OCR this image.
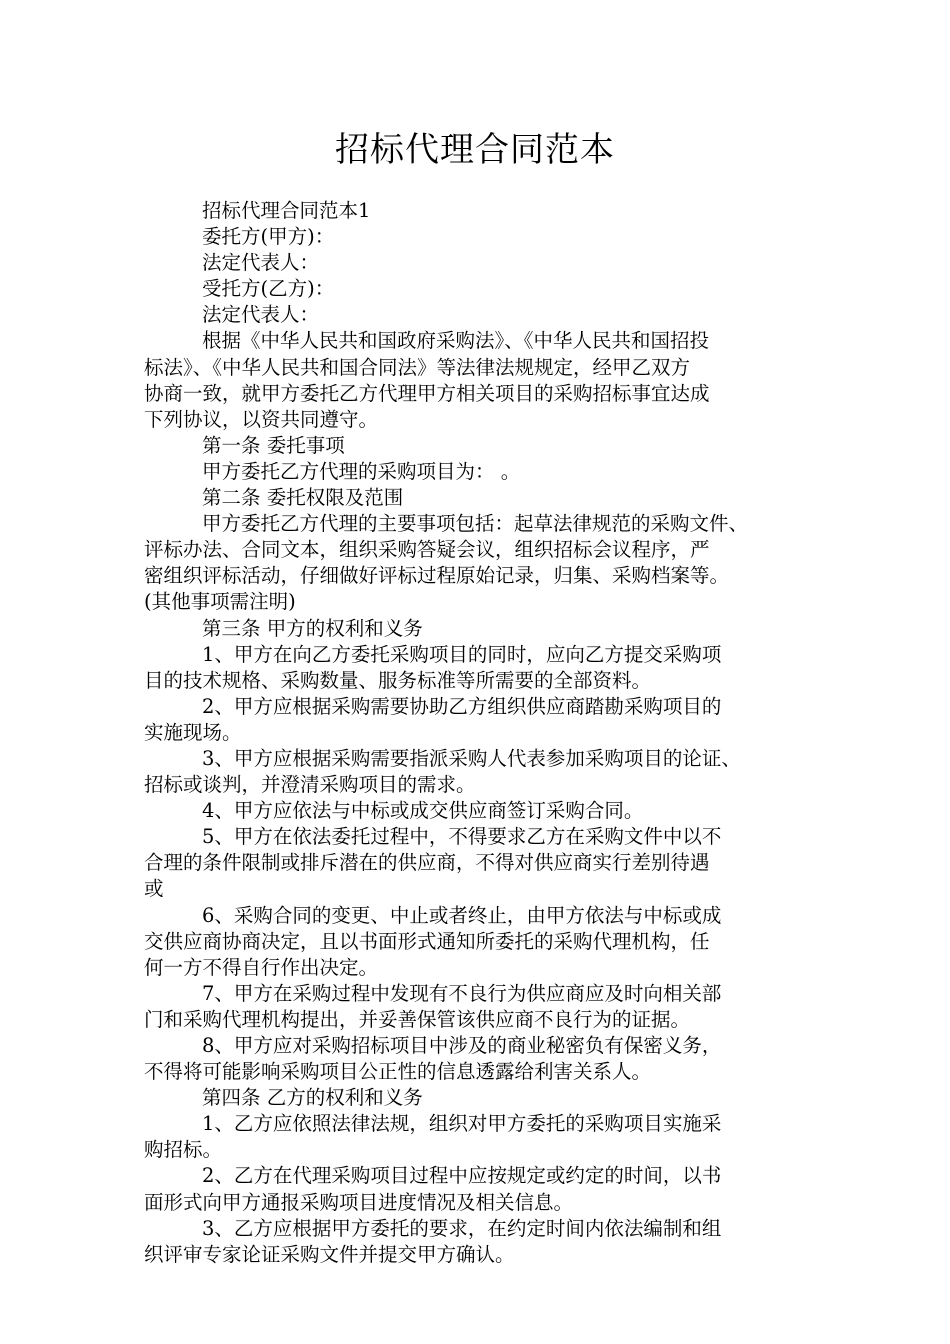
招标代理合同范本
招标代理合同范本1
委托方(甲方)：
法定代表人：
受托方(乙方)：
法定代表人：
根据《中华人民共和国政府采购法》、《中华人民共和国招投
标法》、《中华人民共和国合同法》等法律法规规定，经甲乙双方
协商一致，就甲方委托乙方代理甲方相关项目的采购招标事宜达成
下列协议，以资共同遵守。
第一条 委托事项
甲方委托乙方代理的采购项目为： 。
第二条 委托权限及范围
甲方委托乙方代理的主要事项包括：起草法律规范的采购文件、
评标办法、合同文本，组织采购答疑会议，组织招标会议程序，严
密组织评标活动，仔细做好评标过程原始记录，归集、采购档案等。
(其他事项需注明)
第三条 甲方的权利和义务
1、甲方在向乙方委托采购项目的同时，应向乙方提交采购项
目的技术规格、采购数量、服务标准等所需要的全部资料。
2、甲方应根据采购需要协助乙方组织供应商踏勘采购项目的
实施现场。
3、甲方应根据采购需要指派采购人代表参加采购项目的论证、
招标或谈判，并澄清采购项目的需求。
4、甲方应依法与中标或成交供应商签订采购合同。
5、甲方在依法委托过程中，不得要求乙方在采购文件中以不
合理的条件限制或排斥潜在的供应商，不得对供应商实行差别待遇
或
6、采购合同的变更、中止或者终止，由甲方依法与中标或成
交供应商协商决定，且以书面形式通知所委托的采购代理机构，任
何一方不得自行作出决定。
7、甲方在采购过程中发现有不良行为供应商应及时向相关部
门和采购代理机构提出，并妥善保管该供应商不良行为的证据。
8、甲方应对采购招标项目中涉及的商业秘密负有保密义务，
不得将可能影响采购项目公正性的信息透露给利害关系人。
第四条 乙方的权利和义务
1、乙方应依照法律法规，组织对甲方委托的采购项目实施采
购招标。
2、乙方在代理采购项目过程中应按规定或约定的时间，以书
面形式向甲方通报采购项目进度情况及相关信息。
3、乙方应根据甲方委托的要求，在约定时间内依法编制和组
织评审专家论证采购文件并提交甲方确认。
